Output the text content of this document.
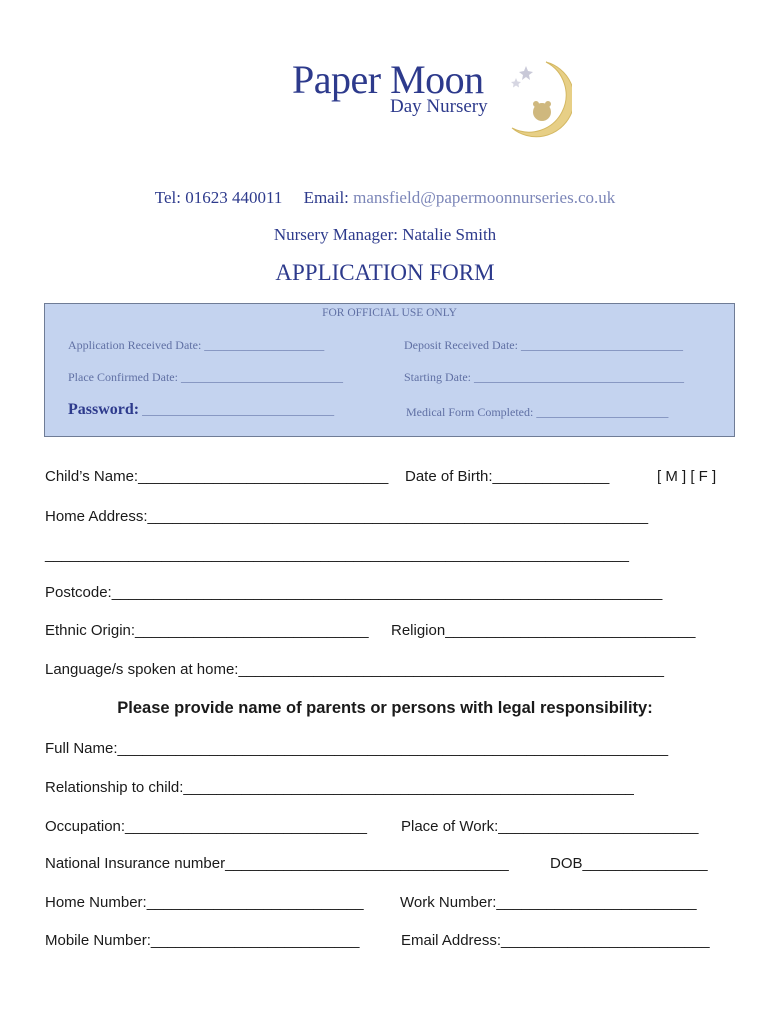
Paper Moon
Day Nursery
Tel: 01623 440011 Email: mansfield@papermoonnurseries.co.uk
Nursery Manager: Natalie Smith
APPLICATION FORM
FOR OFFICIAL USE ONLY
Application Received Date: ____________________	Deposit Received Date: ___________________________
Place Confirmed Date: ___________________________	Starting Date: ___________________________________
Password: ________________________________	Medical Form Completed: ______________________
Child’s Name:______________________________ Date of Birth:______________	[ M ] [ F ]
Home Address:____________________________________________________________
______________________________________________________________________
Postcode:__________________________________________________________________
Ethnic Origin:____________________________ Religion______________________________
Language/s spoken at home:___________________________________________________
Please provide name of parents or persons with legal responsibility:
Full Name:__________________________________________________________________
Relationship to child:______________________________________________________
Occupation:_____________________________ Place of Work:________________________
National Insurance number__________________________________	DOB_______________
Home Number:__________________________ Work Number:________________________
Mobile Number:_________________________	Email Address:_________________________
